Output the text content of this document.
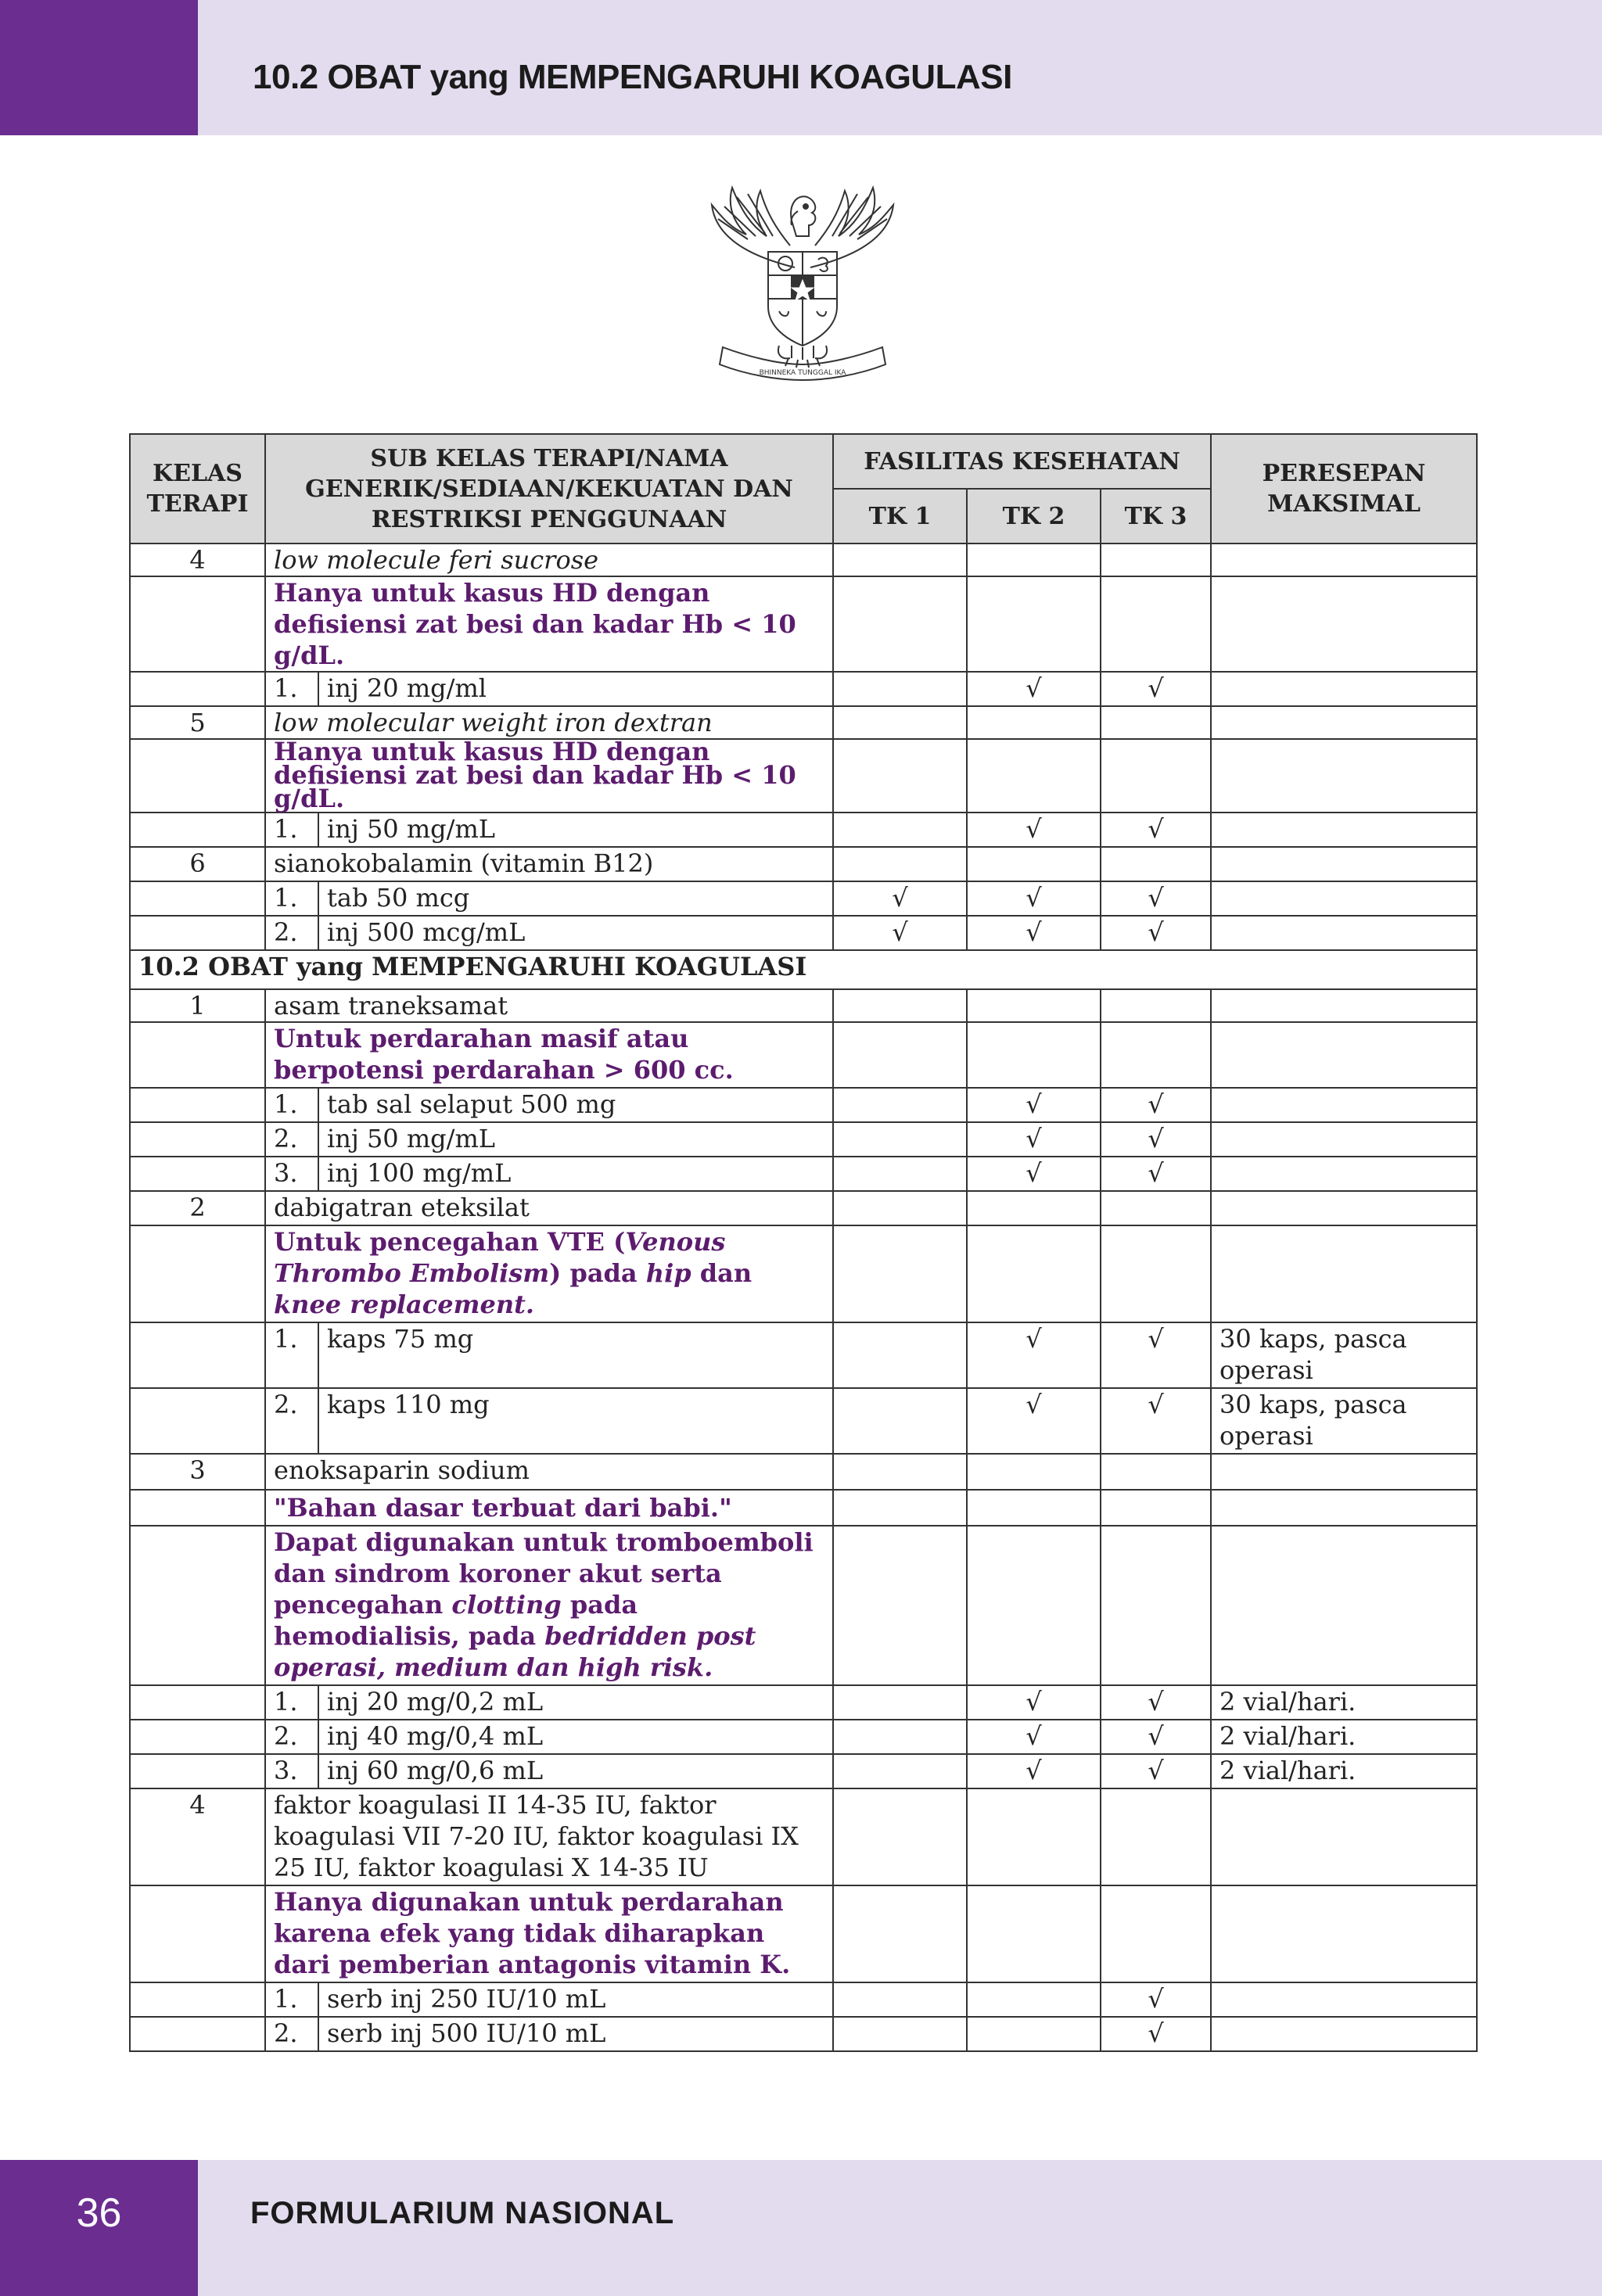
10.2 OBAT yang MEMPENGARUHI KOAGULASI
BHINNEKA TUNGGAL IKA
KELAS TERAPI	SUB KELAS TERAPI/NAMA GENERIK/SEDIAAN/KEKUATAN DAN RESTRIKSI PENGGUNAAN		FASILITAS KESEHATAN			PERESEPAN MAKSIMAL
			TK 1	TK 2	TK 3	
4	low molecule feri sucrose					
	Hanya untuk kasus HD dengan defisiensi zat besi dan kadar Hb < 10 g/dL.					
	1.	inj 20 mg/ml		√	√	
5	low molecular weight iron dextran					
	Hanya untuk kasus HD dengan defisiensi zat besi dan kadar Hb < 10 g/dL.					
	1.	inj 50 mg/mL		√	√	
6	sianokobalamin (vitamin B12)					
	1.	tab 50 mcg	√	√	√	
	2.	inj 500 mcg/mL	√	√	√	
10.2 OBAT yang MEMPENGARUHI KOAGULASI						
1	asam traneksamat					
	Untuk perdarahan masif atau berpotensi perdarahan > 600 cc.					
	1.	tab sal selaput 500 mg		√	√	
	2.	inj 50 mg/mL		√	√	
	3.	inj 100 mg/mL		√	√	
2	dabigatran eteksilat					
	Untuk pencegahan VTE (Venous Thrombo Embolism) pada hip dan knee replacement.					
	1.	kaps 75 mg		√	√	30 kaps, pasca operasi
	2.	kaps 110 mg		√	√	30 kaps, pasca operasi
3	enoksaparin sodium					
	"Bahan dasar terbuat dari babi."					
	Dapat digunakan untuk tromboemboli dan sindrom koroner akut serta pencegahan clotting pada hemodialisis, pada bedridden post operasi, medium dan high risk.					
	1.	inj 20 mg/0,2 mL		√	√	2 vial/hari.
	2.	inj 40 mg/0,4 mL		√	√	2 vial/hari.
	3.	inj 60 mg/0,6 mL		√	√	2 vial/hari.
4	faktor koagulasi II 14-35 IU, faktor koagulasi VII 7-20 IU, faktor koagulasi IX 25 IU, faktor koagulasi X 14-35 IU					
	Hanya digunakan untuk perdarahan karena efek yang tidak diharapkan dari pemberian antagonis vitamin K.					
	1.	serb inj 250 IU/10 mL			√	
	2.	serb inj 500 IU/10 mL			√	
36	FORMULARIUM NASIONAL
